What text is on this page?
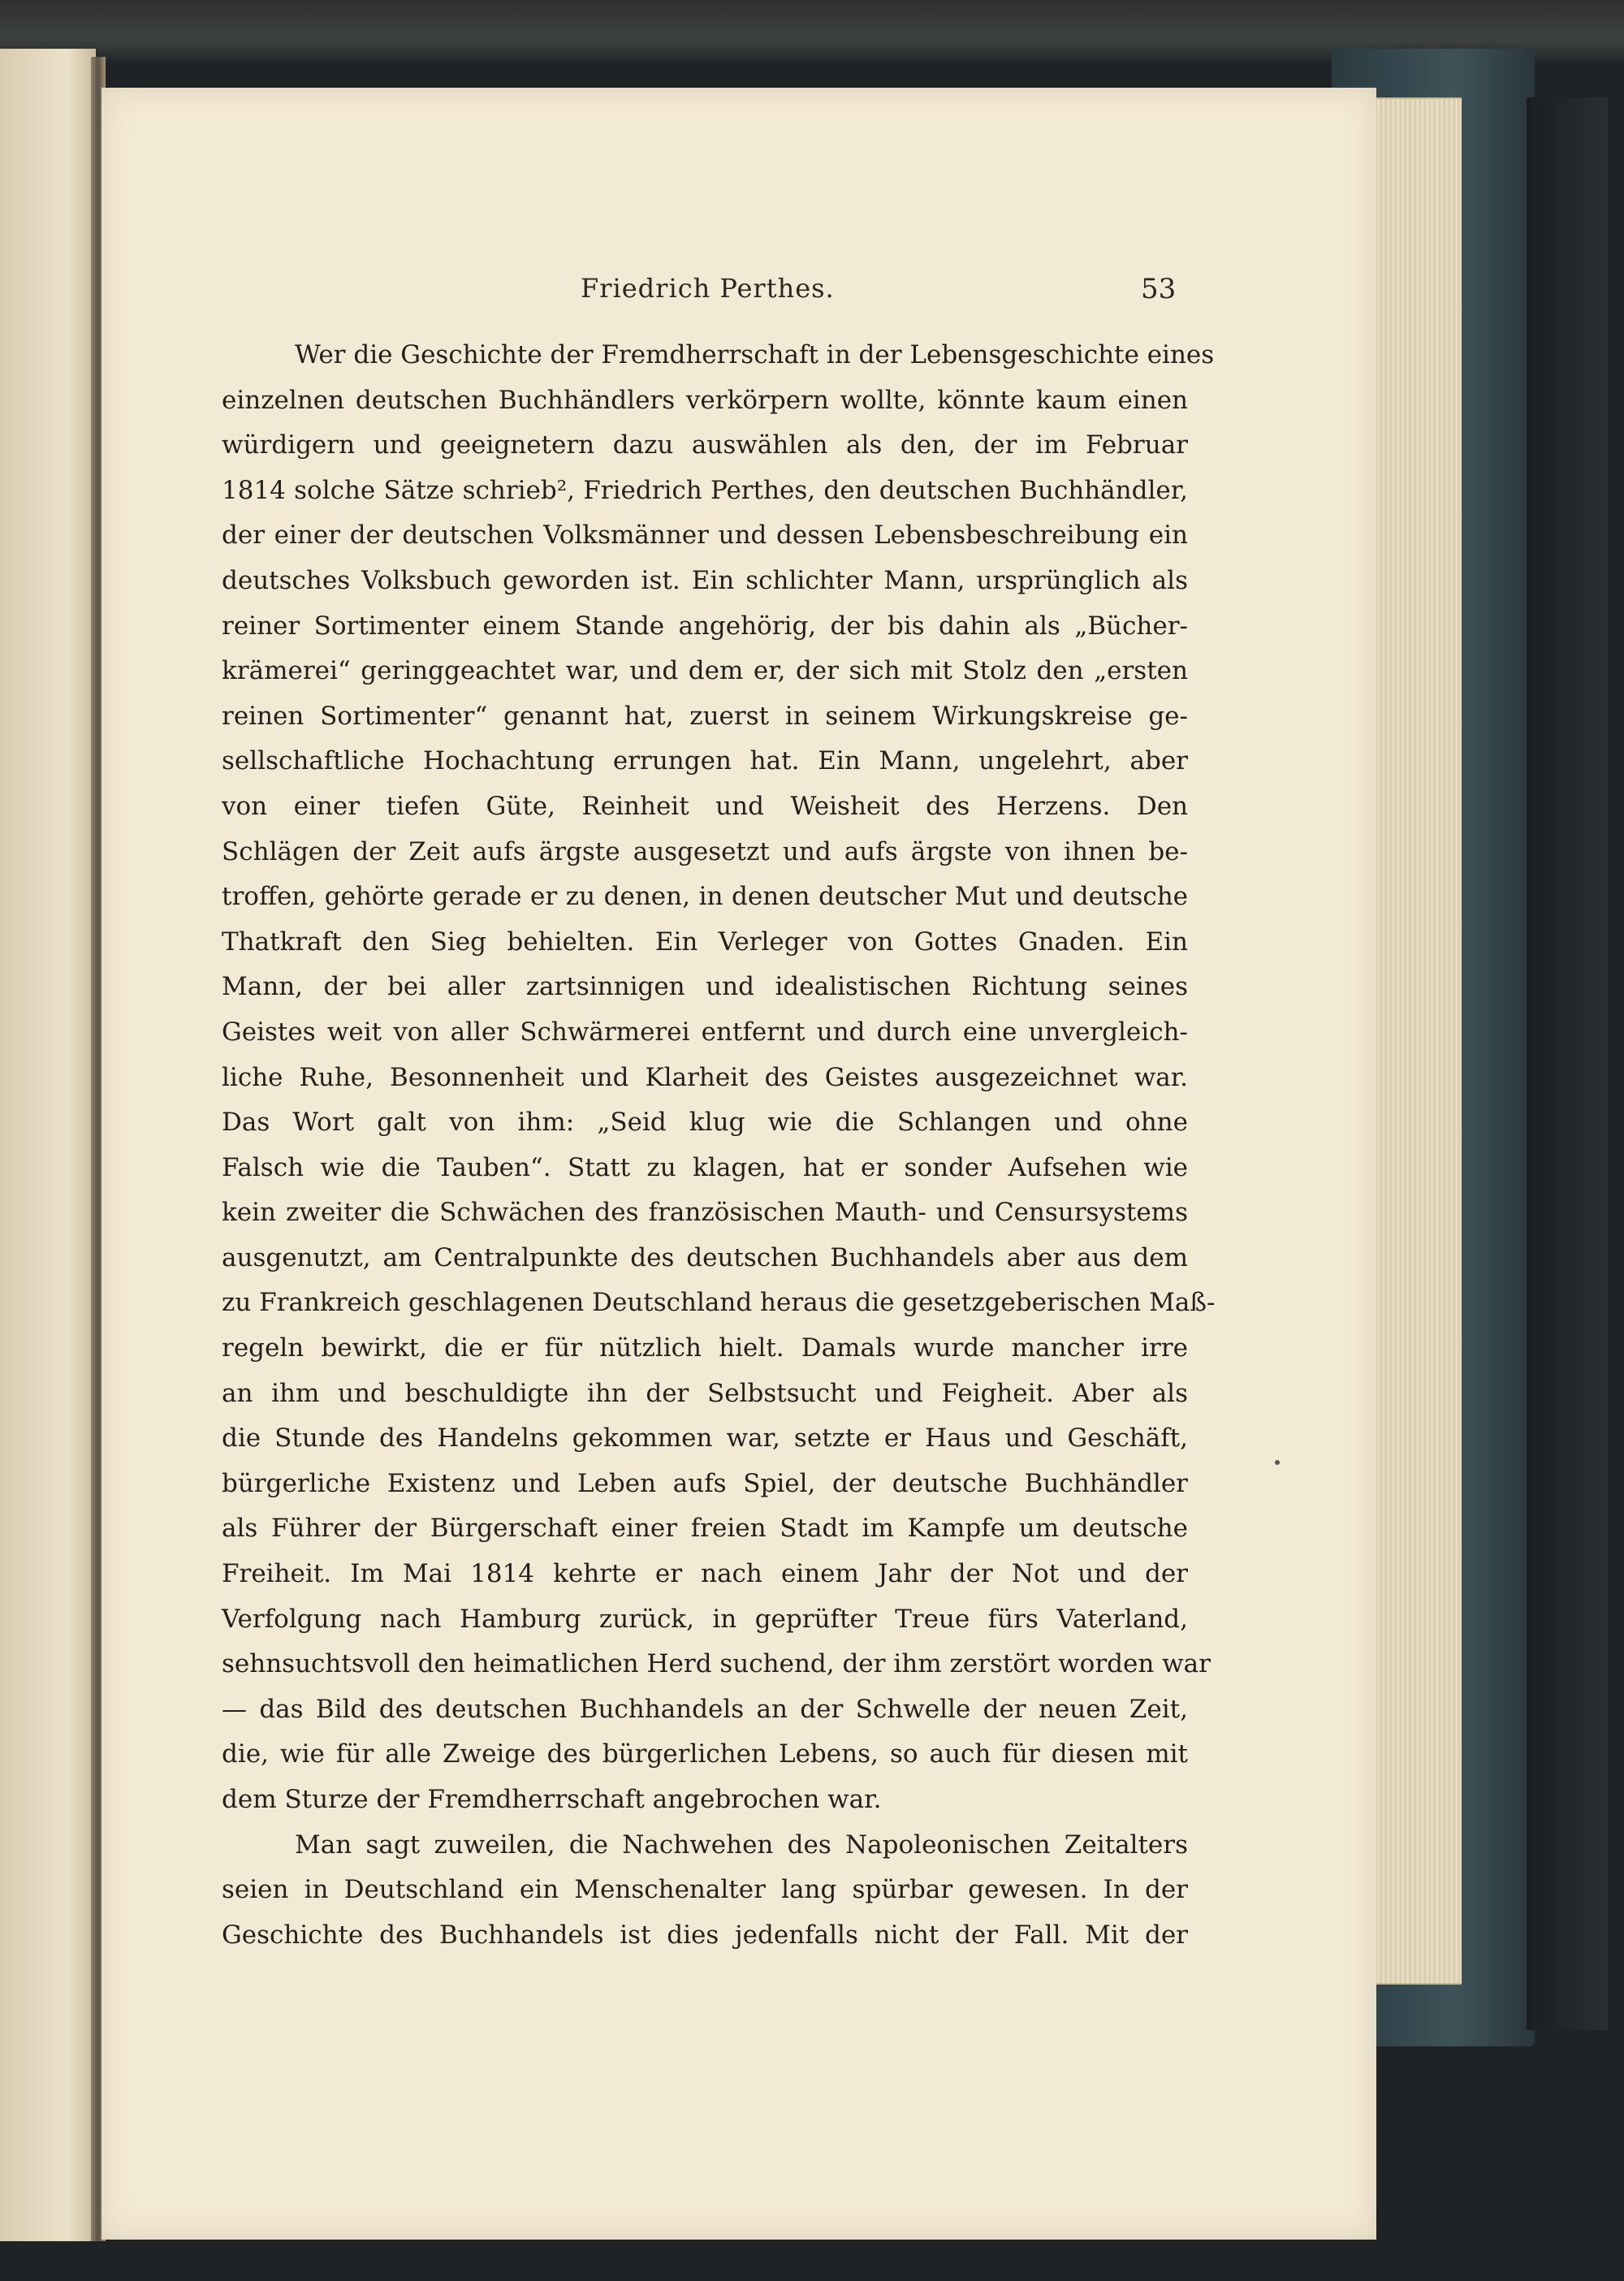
Friedrich Perthes.	53
Wer die Geschichte der Fremdherrschaft in der Lebensgeschichte eines
einzelnen deutschen Buchhändlers verkörpern wollte, könnte kaum einen
würdigern und geeignetern dazu auswählen als den, der im Februar
1814 solche Sätze schrieb², Friedrich Perthes, den deutschen Buchhändler,
der einer der deutschen Volksmänner und dessen Lebensbeschreibung ein
deutsches Volksbuch geworden ist. Ein schlichter Mann, ursprünglich als
reiner Sortimenter einem Stande angehörig, der bis dahin als „Bücher-
krämerei“ geringgeachtet war, und dem er, der sich mit Stolz den „ersten
reinen Sortimenter“ genannt hat, zuerst in seinem Wirkungskreise ge-
sellschaftliche Hochachtung errungen hat. Ein Mann, ungelehrt, aber
von einer tiefen Güte, Reinheit und Weisheit des Herzens. Den
Schlägen der Zeit aufs ärgste ausgesetzt und aufs ärgste von ihnen be-
troffen, gehörte gerade er zu denen, in denen deutscher Mut und deutsche
Thatkraft den Sieg behielten. Ein Verleger von Gottes Gnaden. Ein
Mann, der bei aller zartsinnigen und idealistischen Richtung seines
Geistes weit von aller Schwärmerei entfernt und durch eine unvergleich-
liche Ruhe, Besonnenheit und Klarheit des Geistes ausgezeichnet war.
Das Wort galt von ihm: „Seid klug wie die Schlangen und ohne
Falsch wie die Tauben“. Statt zu klagen, hat er sonder Aufsehen wie
kein zweiter die Schwächen des französischen Mauth- und Censursystems
ausgenutzt, am Centralpunkte des deutschen Buchhandels aber aus dem
zu Frankreich geschlagenen Deutschland heraus die gesetzgeberischen Maß-
regeln bewirkt, die er für nützlich hielt. Damals wurde mancher irre
an ihm und beschuldigte ihn der Selbstsucht und Feigheit. Aber als
die Stunde des Handelns gekommen war, setzte er Haus und Geschäft,
bürgerliche Existenz und Leben aufs Spiel, der deutsche Buchhändler
als Führer der Bürgerschaft einer freien Stadt im Kampfe um deutsche
Freiheit. Im Mai 1814 kehrte er nach einem Jahr der Not und der
Verfolgung nach Hamburg zurück, in geprüfter Treue fürs Vaterland,
sehnsuchtsvoll den heimatlichen Herd suchend, der ihm zerstört worden war
— das Bild des deutschen Buchhandels an der Schwelle der neuen Zeit,
die, wie für alle Zweige des bürgerlichen Lebens, so auch für diesen mit
dem Sturze der Fremdherrschaft angebrochen war.
Man sagt zuweilen, die Nachwehen des Napoleonischen Zeitalters
seien in Deutschland ein Menschenalter lang spürbar gewesen. In der
Geschichte des Buchhandels ist dies jedenfalls nicht der Fall. Mit der
